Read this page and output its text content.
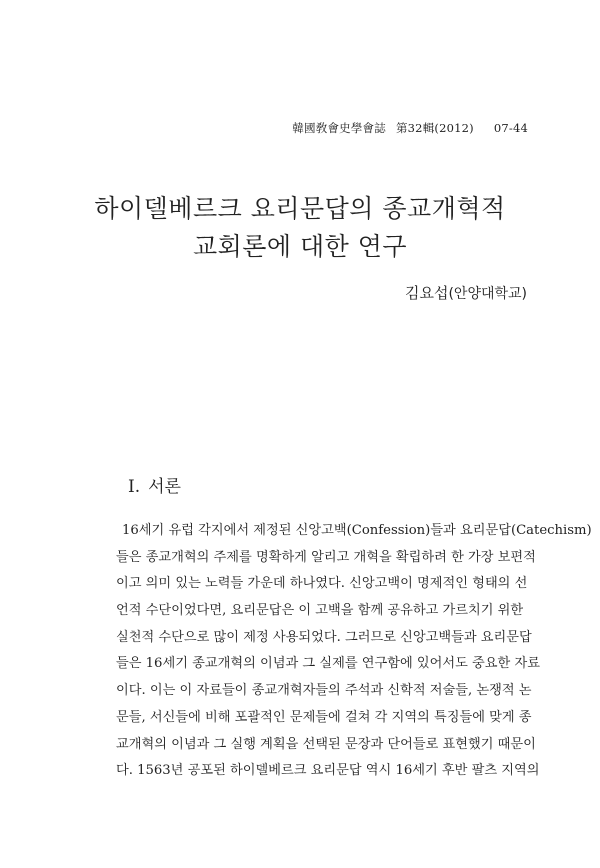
韓國敎會史學會誌 第32輯(2012) 07-44
하이델베르크 요리문답의 종교개혁적
교회론에 대한 연구
김요섭(안양대학교)
Ⅰ. 서론
16세기 유럽 각지에서 제정된 신앙고백(Confession)들과 요리문답(Catechism)
들은 종교개혁의 주제를 명확하게 알리고 개혁을 확립하려 한 가장 보편적
이고 의미 있는 노력들 가운데 하나였다. 신앙고백이 명제적인 형태의 선
언적 수단이었다면, 요리문답은 이 고백을 함께 공유하고 가르치기 위한
실천적 수단으로 많이 제정 사용되었다. 그러므로 신앙고백들과 요리문답
들은 16세기 종교개혁의 이념과 그 실제를 연구함에 있어서도 중요한 자료
이다. 이는 이 자료들이 종교개혁자들의 주석과 신학적 저술들, 논쟁적 논
문들, 서신들에 비해 포괄적인 문제들에 걸쳐 각 지역의 특징들에 맞게 종
교개혁의 이념과 그 실행 계획을 선택된 문장과 단어들로 표현했기 때문이
다. 1563년 공포된 하이델베르크 요리문답 역시 16세기 후반 팔츠 지역의
